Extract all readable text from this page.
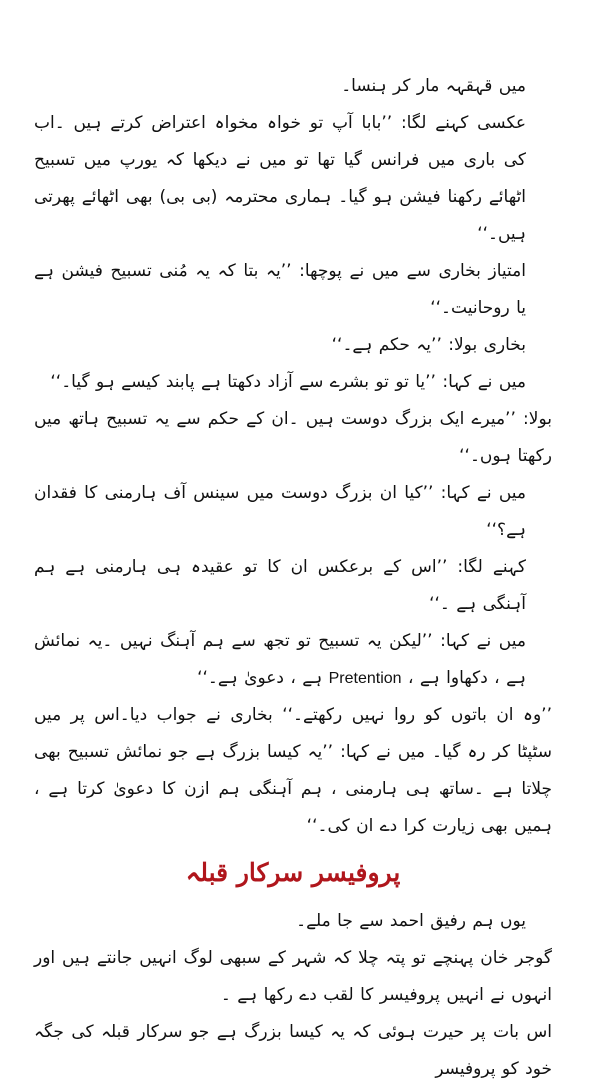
میں قہقہہ مار کر ہنسا۔

عکسی کہنے لگا: ’’بابا آپ تو خواہ مخواہ اعتراض کرتے ہیں ۔اب کی باری میں فرانس گیا تھا تو میں نے دیکھا کہ یورپ میں تسبیح اٹھائے رکھنا فیشن ہو گیا۔ ہماری محترمہ (بی بی) بھی اٹھائے پھرتی ہیں۔‘‘

امتیاز بخاری سے میں نے پوچھا: ’’یہ بتا کہ یہ مُنی تسبیح فیشن ہے یا روحانیت۔‘‘

بخاری بولا: ’’یہ حکم ہے۔‘‘

میں نے کہا: ’’یا تو تو بشرے سے آزاد دکھتا ہے پابند کیسے ہو گیا۔‘‘

بولا: ’’میرے ایک بزرگ دوست ہیں ۔ان کے حکم سے یہ تسبیح ہاتھ میں رکھتا ہوں۔‘‘

میں نے کہا: ’’کیا ان بزرگ دوست میں سینس آف ہارمنی کا فقدان ہے؟‘‘

کہنے لگا: ’’اس کے برعکس ان کا تو عقیدہ ہی ہارمنی ہے ہم آہنگی ہے ۔‘‘

میں نے کہا: ’’لیکن یہ تسبیح تو تجھ سے ہم آہنگ نہیں ۔یہ نمائش ہے ، دکھاوا ہے ، Pretention ہے ، دعویٰ ہے۔‘‘

’’وہ ان باتوں کو روا نہیں رکھتے۔‘‘ بخاری نے جواب دیا۔اس پر میں سٹپٹا کر رہ گیا۔ میں نے کہا: ’’یہ کیسا بزرگ ہے جو نمائش تسبیح بھی چلاتا ہے ۔ساتھ ہی ہارمنی ، ہم آہنگی ہم ازن کا دعویٰ کرتا ہے ، ہمیں بھی زیارت کرا دے ان کی۔‘‘

پروفیسر سرکار قبلہ

یوں ہم رفیق احمد سے جا ملے۔

گوجر خان پہنچے تو پتہ چلا کہ شہر کے سبھی لوگ انہیں جانتے ہیں اور انہوں نے انہیں پروفیسر کا لقب دے رکھا ہے ۔

اس بات پر حیرت ہوئی کہ یہ کیسا بزرگ ہے جو سرکار قبلہ کی جگہ خود کو پروفیسر
